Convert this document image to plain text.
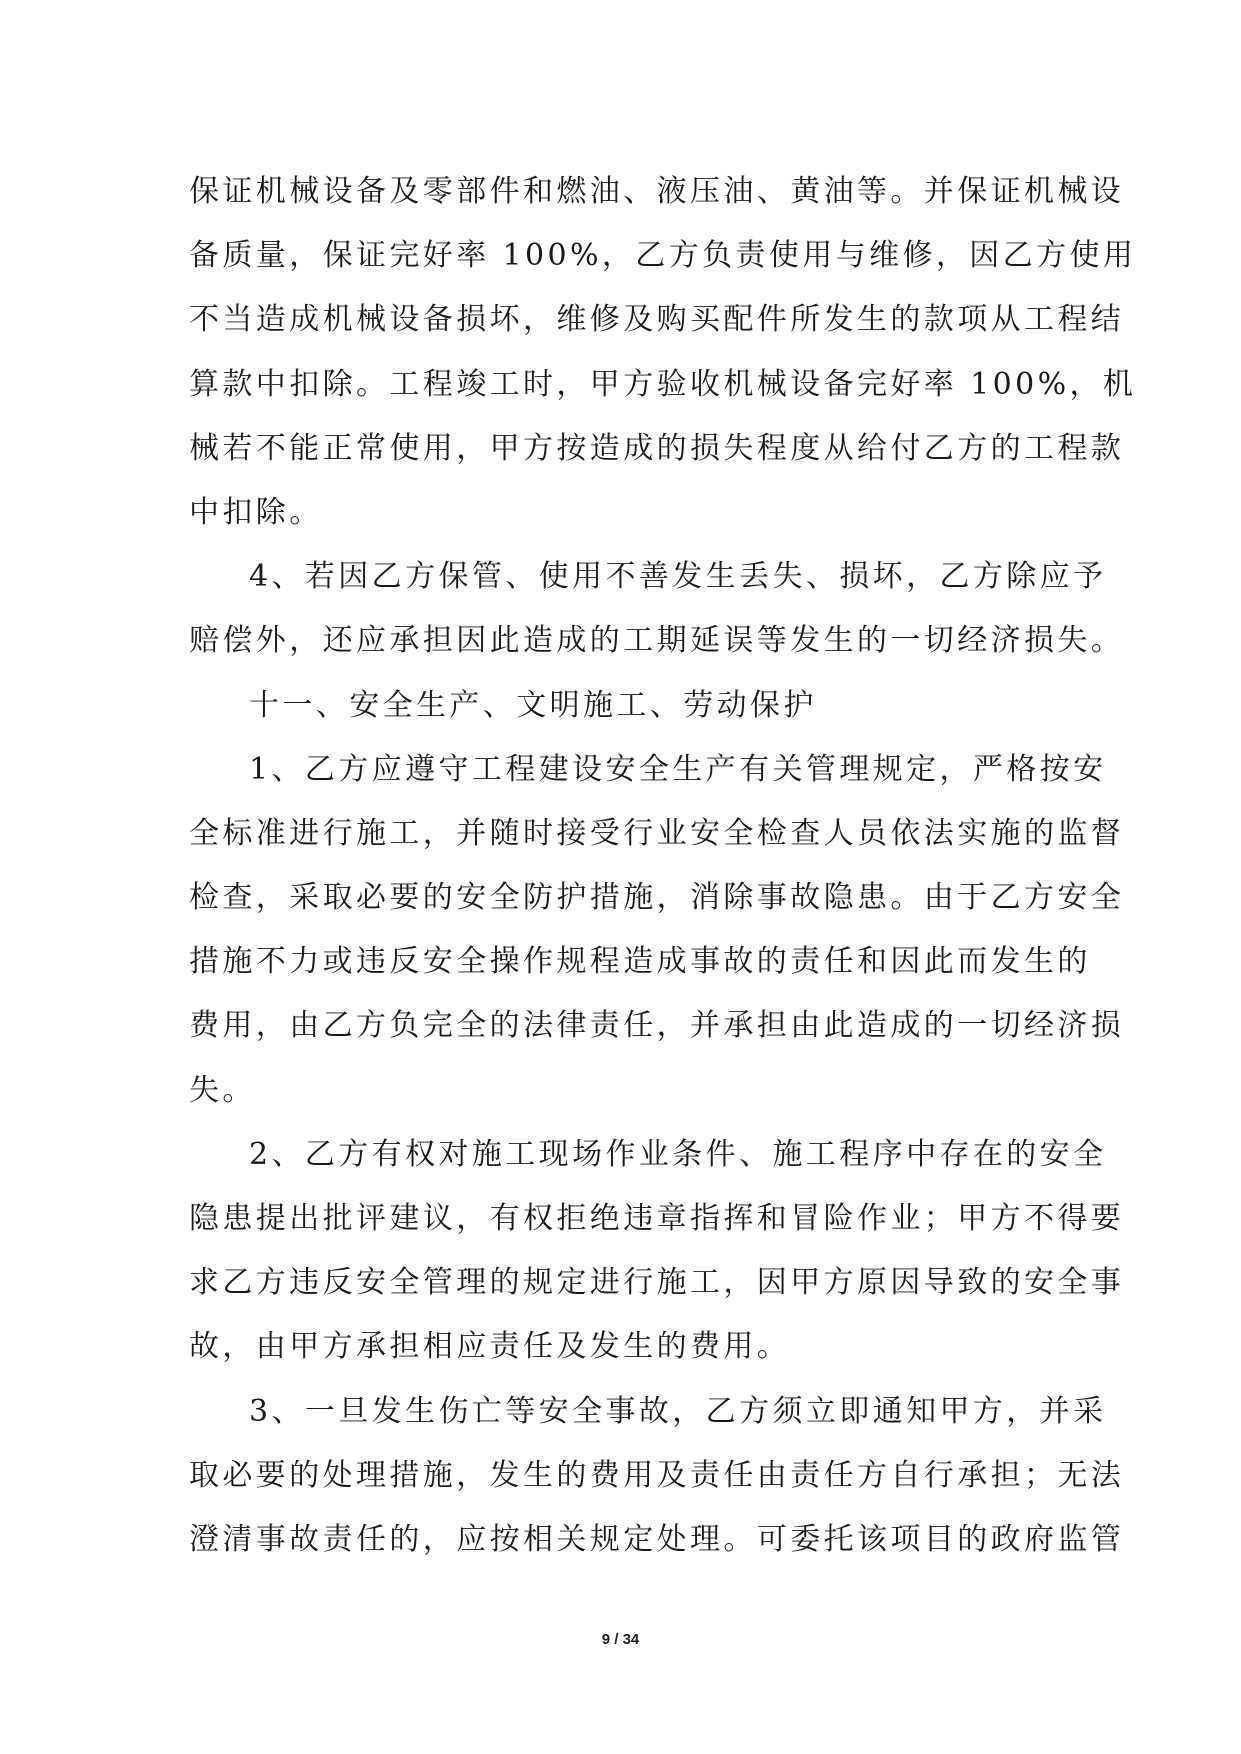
保证机械设备及零部件和燃油、液压油、黄油等。并保证机械设
备质量，保证完好率 100%，乙方负责使用与维修，因乙方使用
不当造成机械设备损坏，维修及购买配件所发生的款项从工程结
算款中扣除。工程竣工时，甲方验收机械设备完好率 100%，机
械若不能正常使用，甲方按造成的损失程度从给付乙方的工程款
中扣除。
4、若因乙方保管、使用不善发生丢失、损坏，乙方除应予
赔偿外，还应承担因此造成的工期延误等发生的一切经济损失。
十一、安全生产、文明施工、劳动保护
1、乙方应遵守工程建设安全生产有关管理规定，严格按安
全标准进行施工，并随时接受行业安全检查人员依法实施的监督
检查，采取必要的安全防护措施，消除事故隐患。由于乙方安全
措施不力或违反安全操作规程造成事故的责任和因此而发生的
费用，由乙方负完全的法律责任，并承担由此造成的一切经济损
失。
2、乙方有权对施工现场作业条件、施工程序中存在的安全
隐患提出批评建议，有权拒绝违章指挥和冒险作业；甲方不得要
求乙方违反安全管理的规定进行施工，因甲方原因导致的安全事
故，由甲方承担相应责任及发生的费用。
3、一旦发生伤亡等安全事故，乙方须立即通知甲方，并采
取必要的处理措施，发生的费用及责任由责任方自行承担；无法
澄清事故责任的，应按相关规定处理。可委托该项目的政府监管
9 / 34
